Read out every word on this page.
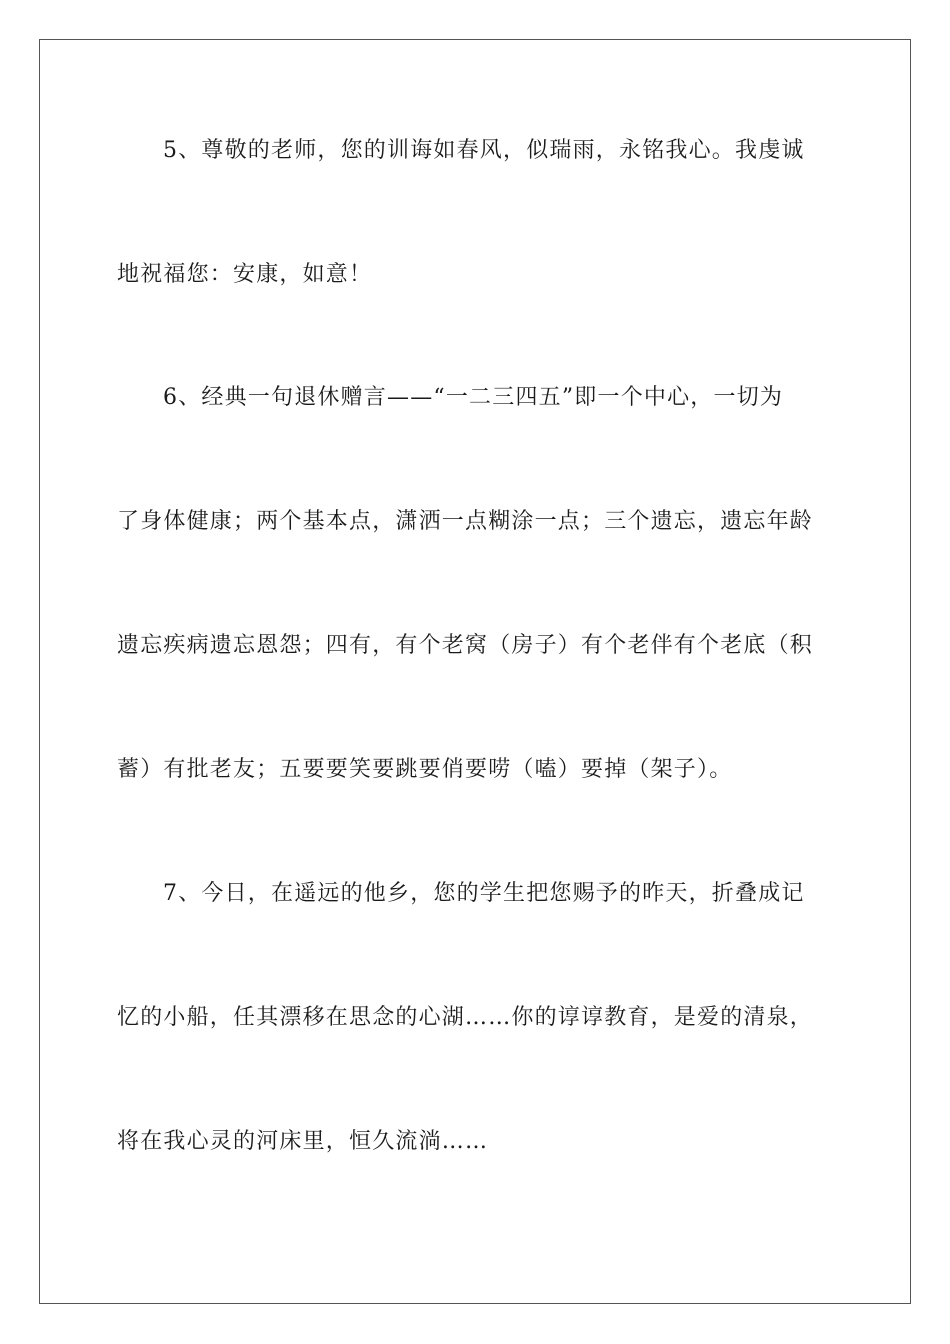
5、尊敬的老师，您的训诲如春风，似瑞雨，永铭我心。我虔诚
地祝福您：安康，如意！
6、经典一句退休赠言——“一二三四五”即一个中心，一切为
了身体健康；两个基本点，潇洒一点糊涂一点；三个遗忘，遗忘年龄
遗忘疾病遗忘恩怨；四有，有个老窝（房子）有个老伴有个老底（积
蓄）有批老友；五要要笑要跳要俏要唠（嗑）要掉（架子）。
7、今日，在遥远的他乡，您的学生把您赐予的昨天，折叠成记
忆的小船，任其漂移在思念的心湖……你的谆谆教育，是爱的清泉，
将在我心灵的河床里，恒久流淌……
